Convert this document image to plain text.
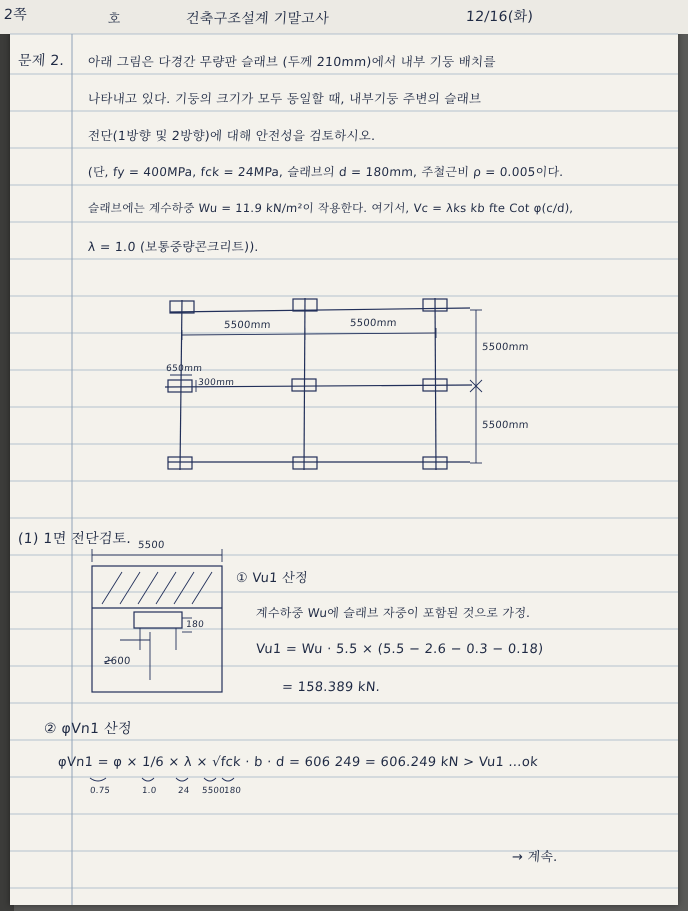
2쪽	호	건축구조설계 기말고사	12/16(화)
문제 2. 아래 그림은 다경간 무량판 슬래브 (두께 210mm)에서 내부 기둥 배치를
나타내고 있다. 기둥의 크기가 모두 동일할 때, 내부기둥 주변의 슬래브
전단(1방향 및 2방향)에 대해 안전성을 검토하시오.
(단, fy = 400MPa, fck = 24MPa, 슬래브의 d = 180mm, 주철근비 ρ = 0.005이다.
슬래브에는 계수하중 Wu = 11.9 kN/m²이 작용한다. 여기서, Vc = λks kb fte Cot φ(c/d),
λ = 1.0 (보통중량콘크리트)).
5500mm	5500mm
5500mm
5500mm
650mm
300mm
(1) 1면 전단검토. 5500
180
2600
① Vu1 산정
계수하중 Wu에 슬래브 자중이 포함된 것으로 가정.
Vu1 = Wu · 5.5 × (5.5 − 2.6 − 0.3 − 0.18)
= 158.389 kN.
② φVn1 산정
φVn1 = φ × 1/6 × λ × √fck · b · d = 606 249 = 606.249 kN > Vu1 ...ok
0.75	1.0 24 5500
180
→ 계속.
